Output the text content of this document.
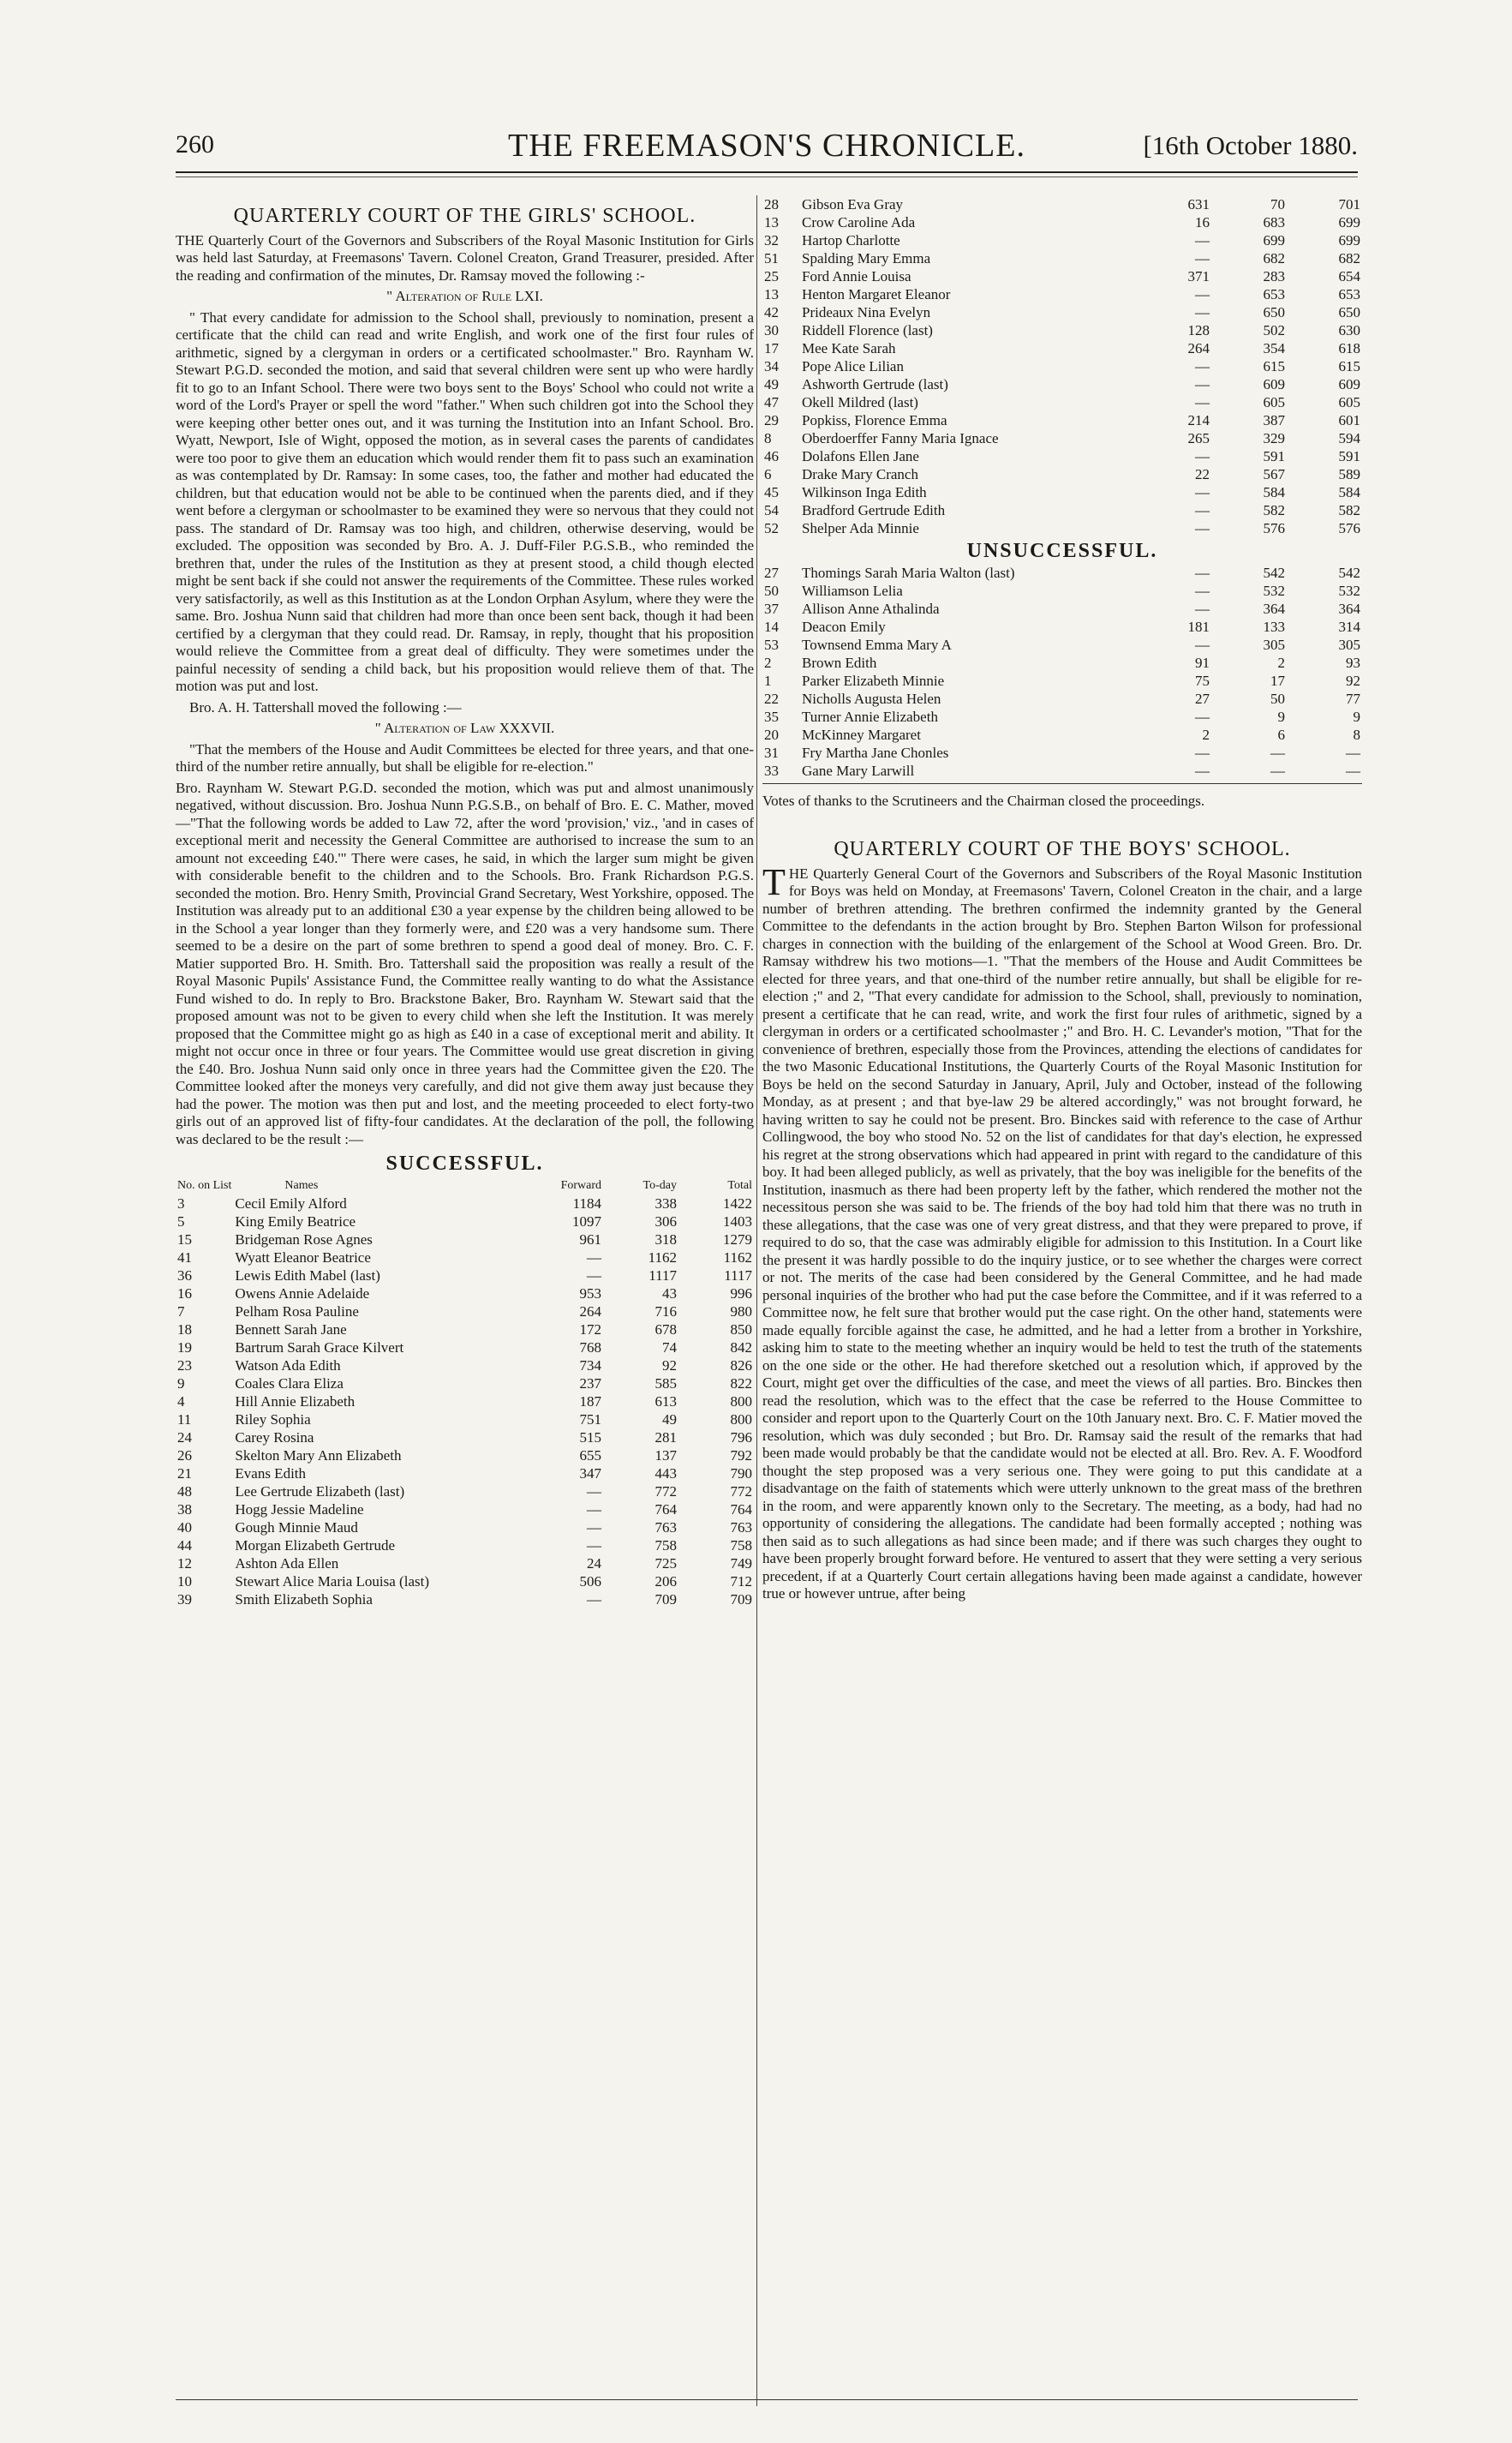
260	THE FREEMASON'S CHRONICLE.	[16th October 1880.
QUARTERLY COURT OF THE GIRLS' SCHOOL.

THE Quarterly Court of the Governors and Subscribers of the Royal Masonic Institution for Girls was held last Saturday, at Freemasons' Tavern. Colonel Creaton, Grand Treasurer, presided. After the reading and confirmation of the minutes, Dr. Ramsay moved the following :-

" Alteration of Rule LXI.

" That every candidate for admission to the School shall, previously to nomination, present a certificate that the child can read and write English, and work one of the first four rules of arithmetic, signed by a clergyman in orders or a certificated schoolmaster." Bro. Raynham W. Stewart P.G.D. seconded the motion, and said that several children were sent up who were hardly fit to go to an Infant School. There were two boys sent to the Boys' School who could not write a word of the Lord's Prayer or spell the word "father." When such children got into the School they were keeping other better ones out, and it was turning the Institution into an Infant School. Bro. Wyatt, Newport, Isle of Wight, opposed the motion, as in several cases the parents of candidates were too poor to give them an education which would render them fit to pass such an examination as was contemplated by Dr. Ramsay: In some cases, too, the father and mother had educated the children, but that education would not be able to be continued when the parents died, and if they went before a clergyman or schoolmaster to be examined they were so nervous that they could not pass. The standard of Dr. Ramsay was too high, and children, otherwise deserving, would be excluded. The opposition was seconded by Bro. A. J. Duff-Filer P.G.S.B., who reminded the brethren that, under the rules of the Institution as they at present stood, a child though elected might be sent back if she could not answer the requirements of the Committee. These rules worked very satisfactorily, as well as this Institution as at the London Orphan Asylum, where they were the same. Bro. Joshua Nunn said that children had more than once been sent back, though it had been certified by a clergyman that they could read. Dr. Ramsay, in reply, thought that his proposition would relieve the Committee from a great deal of difficulty. They were sometimes under the painful necessity of sending a child back, but his proposition would relieve them of that. The motion was put and lost.

Bro. A. H. Tattershall moved the following :—

" Alteration of Law XXXVII.

"That the members of the House and Audit Committees be elected for three years, and that one-third of the number retire annually, but shall be eligible for re-election."

Bro. Raynham W. Stewart P.G.D. seconded the motion, which was put and almost unanimously negatived, without discussion. Bro. Joshua Nunn P.G.S.B., on behalf of Bro. E. C. Mather, moved—"That the following words be added to Law 72, after the word 'provision,' viz., 'and in cases of exceptional merit and necessity the General Committee are authorised to increase the sum to an amount not exceeding £40.'" There were cases, he said, in which the larger sum might be given with considerable benefit to the children and to the Schools. Bro. Frank Richardson P.G.S. seconded the motion. Bro. Henry Smith, Provincial Grand Secretary, West Yorkshire, opposed. The Institution was already put to an additional £30 a year expense by the children being allowed to be in the School a year longer than they formerly were, and £20 was a very handsome sum. There seemed to be a desire on the part of some brethren to spend a good deal of money. Bro. C. F. Matier supported Bro. H. Smith. Bro. Tattershall said the proposition was really a result of the Royal Masonic Pupils' Assistance Fund, the Committee really wanting to do what the Assistance Fund wished to do. In reply to Bro. Brackstone Baker, Bro. Raynham W. Stewart said that the proposed amount was not to be given to every child when she left the Institution. It was merely proposed that the Committee might go as high as £40 in a case of exceptional merit and ability. It might not occur once in three or four years. The Committee would use great discretion in giving the £40. Bro. Joshua Nunn said only once in three years had the Committee given the £20. The Committee looked after the moneys very carefully, and did not give them away just because they had the power. The motion was then put and lost, and the meeting proceeded to elect forty-two girls out of an approved list of fifty-four candidates. At the declaration of the poll, the following was declared to be the result :—

SUCCESSFUL.
No. on List	Names	Forward	To-day	Total
3	Cecil Emily Alford	1184	338	1422
5	King Emily Beatrice	1097	306	1403
15	Bridgeman Rose Agnes	961	318	1279
41	Wyatt Eleanor Beatrice	—	1162	1162
36	Lewis Edith Mabel (last)	—	1117	1117
16	Owens Annie Adelaide	953	43	996
7	Pelham Rosa Pauline	264	716	980
18	Bennett Sarah Jane	172	678	850
19	Bartrum Sarah Grace Kilvert	768	74	842
23	Watson Ada Edith	734	92	826
9	Coales Clara Eliza	237	585	822
4	Hill Annie Elizabeth	187	613	800
11	Riley Sophia	751	49	800
24	Carey Rosina	515	281	796
26	Skelton Mary Ann Elizabeth	655	137	792
21	Evans Edith	347	443	790
48	Lee Gertrude Elizabeth (last)	—	772	772
38	Hogg Jessie Madeline	—	764	764
40	Gough Minnie Maud	—	763	763
44	Morgan Elizabeth Gertrude	—	758	758
12	Ashton Ada Ellen	24	725	749
10	Stewart Alice Maria Louisa (last)	506	206	712
39	Smith Elizabeth Sophia	—	709	709
28	Gibson Eva Gray	631	70	701
13	Crow Caroline Ada	16	683	699
32	Hartop Charlotte	—	699	699
51	Spalding Mary Emma	—	682	682
25	Ford Annie Louisa	371	283	654
13	Henton Margaret Eleanor	—	653	653
42	Prideaux Nina Evelyn	—	650	650
30	Riddell Florence (last)	128	502	630
17	Mee Kate Sarah	264	354	618
34	Pope Alice Lilian	—	615	615
49	Ashworth Gertrude (last)	—	609	609
47	Okell Mildred (last)	—	605	605
29	Popkiss, Florence Emma	214	387	601
8	Oberdoerffer Fanny Maria Ignace	265	329	594
46	Dolafons Ellen Jane	—	591	591
6	Drake Mary Cranch	22	567	589
45	Wilkinson Inga Edith	—	584	584
54	Bradford Gertrude Edith	—	582	582
52	Shelper Ada Minnie	—	576	576
UNSUCCESSFUL.
27	Thomings Sarah Maria Walton (last)	—	542	542
50	Williamson Lelia	—	532	532
37	Allison Anne Athalinda	—	364	364
14	Deacon Emily	181	133	314
53	Townsend Emma Mary A	—	305	305
2	Brown Edith	91	2	93
1	Parker Elizabeth Minnie	75	17	92
22	Nicholls Augusta Helen	27	50	77
35	Turner Annie Elizabeth	—	9	9
20	McKinney Margaret	2	6	8
31	Fry Martha Jane Chonles	—	—	—
33	Gane Mary Larwill	—	—	—

Votes of thanks to the Scrutineers and the Chairman closed the proceedings.

QUARTERLY COURT OF THE BOYS' SCHOOL.

THE Quarterly General Court of the Governors and Subscribers of the Royal Masonic Institution for Boys was held on Monday, at Freemasons' Tavern, Colonel Creaton in the chair, and a large number of brethren attending. The brethren confirmed the indemnity granted by the General Committee to the defendants in the action brought by Bro. Stephen Barton Wilson for professional charges in connection with the building of the enlargement of the School at Wood Green. Bro. Dr. Ramsay withdrew his two motions—1. "That the members of the House and Audit Committees be elected for three years, and that one-third of the number retire annually, but shall be eligible for re-election ;" and 2, "That every candidate for admission to the School, shall, previously to nomination, present a certificate that he can read, write, and work the first four rules of arithmetic, signed by a clergyman in orders or a certificated schoolmaster ;" and Bro. H. C. Levander's motion, "That for the convenience of brethren, especially those from the Provinces, attending the elections of candidates for the two Masonic Educational Institutions, the Quarterly Courts of the Royal Masonic Institution for Boys be held on the second Saturday in January, April, July and October, instead of the following Monday, as at present ; and that bye-law 29 be altered accordingly," was not brought forward, he having written to say he could not be present. Bro. Binckes said with reference to the case of Arthur Collingwood, the boy who stood No. 52 on the list of candidates for that day's election, he expressed his regret at the strong observations which had appeared in print with regard to the candidature of this boy. It had been alleged publicly, as well as privately, that the boy was ineligible for the benefits of the Institution, inasmuch as there had been property left by the father, which rendered the mother not the necessitous person she was said to be. The friends of the boy had told him that there was no truth in these allegations, that the case was one of very great distress, and that they were prepared to prove, if required to do so, that the case was admirably eligible for admission to this Institution. In a Court like the present it was hardly possible to do the inquiry justice, or to see whether the charges were correct or not. The merits of the case had been considered by the General Committee, and he had made personal inquiries of the brother who had put the case before the Committee, and if it was referred to a Committee now, he felt sure that brother would put the case right. On the other hand, statements were made equally forcible against the case, he admitted, and he had a letter from a brother in Yorkshire, asking him to state to the meeting whether an inquiry would be held to test the truth of the statements on the one side or the other. He had therefore sketched out a resolution which, if approved by the Court, might get over the difficulties of the case, and meet the views of all parties. Bro. Binckes then read the resolution, which was to the effect that the case be referred to the House Committee to consider and report upon to the Quarterly Court on the 10th January next. Bro. C. F. Matier moved the resolution, which was duly seconded ; but Bro. Dr. Ramsay said the result of the remarks that had been made would probably be that the candidate would not be elected at all. Bro. Rev. A. F. Woodford thought the step proposed was a very serious one. They were going to put this candidate at a disadvantage on the faith of statements which were utterly unknown to the great mass of the brethren in the room, and were apparently known only to the Secretary. The meeting, as a body, had had no opportunity of considering the allegations. The candidate had been formally accepted ; nothing was then said as to such allegations as had since been made; and if there was such charges they ought to have been properly brought forward before. He ventured to assert that they were setting a very serious precedent, if at a Quarterly Court certain allegations having been made against a candidate, however true or however untrue, after being
